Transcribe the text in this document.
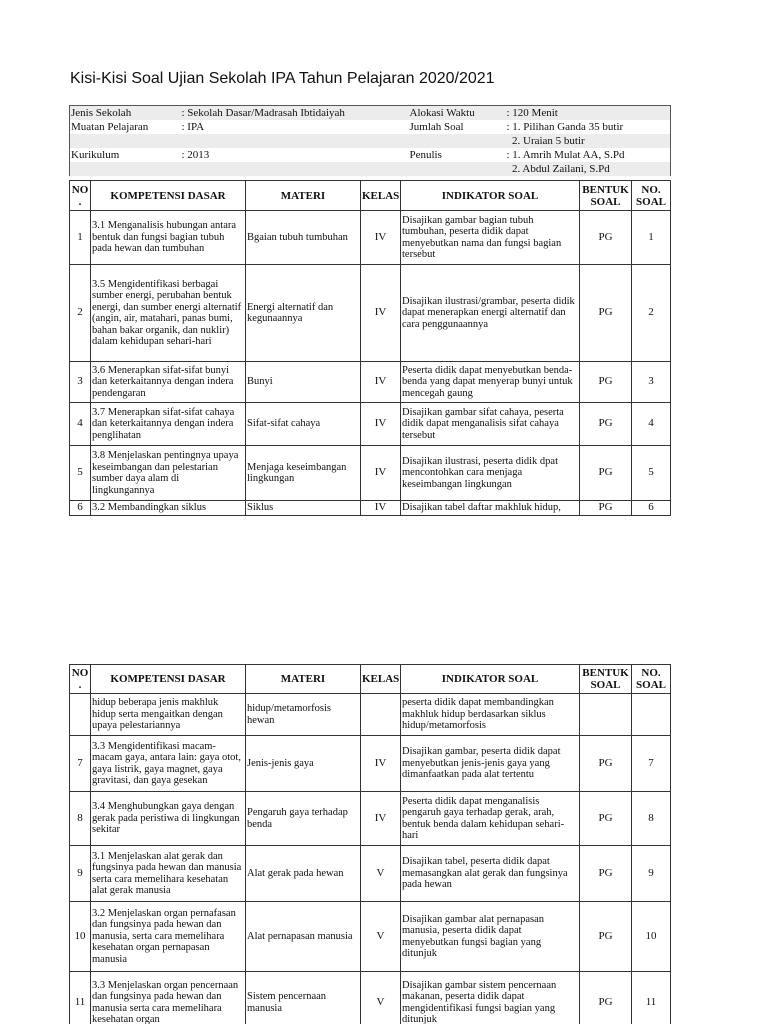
Kisi-Kisi Soal Ujian Sekolah IPA Tahun Pelajaran 2020/2021
Jenis Sekolah	: Sekolah Dasar/Madrasah Ibtidaiyah	Alokasi Waktu	: 120 Menit
Muatan Pelajaran	: IPA	Jumlah Soal	: 1. Pilihan Ganda 35 butir
			2. Uraian 5 butir
Kurikulum	: 2013	Penulis	: 1. Amrih Mulat AA, S.Pd
			2. Abdul Zailani, S.Pd
NO .	KOMPETENSI DASAR	MATERI	KELAS	INDIKATOR SOAL	BENTUK SOAL	NO. SOAL
1	3.1 Menganalisis hubungan antara bentuk dan fungsi bagian tubuh pada hewan dan tumbuhan	Bgaian tubuh tumbuhan	IV	Disajikan gambar bagian tubuh tumbuhan, peserta didik dapat menyebutkan nama dan fungsi bagian tersebut	PG	1
2	3.5 Mengidentifikasi berbagai sumber energi, perubahan bentuk energi, dan sumber energi alternatif (angin, air, matahari, panas bumi, bahan bakar organik, dan nuklir) dalam kehidupan sehari-hari	Energi alternatif dan kegunaannya	IV	Disajikan ilustrasi/grambar, peserta didik dapat menerapkan energi alternatif dan cara penggunaannya	PG	2
3	3.6 Menerapkan sifat-sifat bunyi dan keterkaitannya dengan indera pendengaran	Bunyi	IV	Peserta didik dapat menyebutkan benda-benda yang dapat menyerap bunyi untuk mencegah gaung	PG	3
4	3.7 Menerapkan sifat-sifat cahaya dan keterkaitannya dengan indera penglihatan	Sifat-sifat cahaya	IV	Disajikan gambar sifat cahaya, peserta didik dapat menganalisis sifat cahaya tersebut	PG	4
5	3.8 Menjelaskan pentingnya upaya keseimbangan dan pelestarian sumber daya alam di lingkungannya	Menjaga keseimbangan lingkungan	IV	Disajikan ilustrasi, peserta didik dpat mencontohkan cara menjaga keseimbangan lingkungan	PG	5
6	3.2 Membandingkan siklus	Siklus	IV	Disajikan tabel daftar makhluk hidup,	PG	6
NO .	KOMPETENSI DASAR	MATERI	KELAS	INDIKATOR SOAL	BENTUK SOAL	NO. SOAL
	hidup beberapa jenis makhluk hidup serta mengaitkan dengan upaya pelestariannya	hidup/metamorfosis hewan		peserta didik dapat membandingkan makhluk hidup berdasarkan siklus hidup/metamorfosis		
7	3.3 Mengidentifikasi macam-macam gaya, antara lain: gaya otot, gaya listrik, gaya magnet, gaya gravitasi, dan gaya gesekan	Jenis-jenis gaya	IV	Disajikan gambar, peserta didik dapat menyebutkan jenis-jenis gaya yang dimanfaatkan pada alat tertentu	PG	7
8	3.4 Menghubungkan gaya dengan gerak pada peristiwa di lingkungan sekitar	Pengaruh gaya terhadap benda	IV	Peserta didik dapat menganalisis pengaruh gaya terhadap gerak, arah, bentuk benda dalam kehidupan sehari-hari	PG	8
9	3.1 Menjelaskan alat gerak dan fungsinya pada hewan dan manusia serta cara memelihara kesehatan alat gerak manusia	Alat gerak pada hewan	V	Disajikan tabel, peserta didik dapat memasangkan alat gerak dan fungsinya pada hewan	PG	9
10	3.2 Menjelaskan organ pernafasan dan fungsinya pada hewan dan manusia, serta cara memelihara kesehatan organ pernapasan manusia	Alat pernapasan manusia	V	Disajikan gambar alat pernapasan manusia, peserta didik dapat menyebutkan fungsi bagian yang ditunjuk	PG	10
11	3.3 Menjelaskan organ pencernaan dan fungsinya pada hewan dan manusia serta cara memelihara kesehatan organ	Sistem pencernaan manusia	V	Disajikan gambar sistem pencernaan makanan, peserta didik dapat mengidentifikasi fungsi bagian yang ditunjuk	PG	11
